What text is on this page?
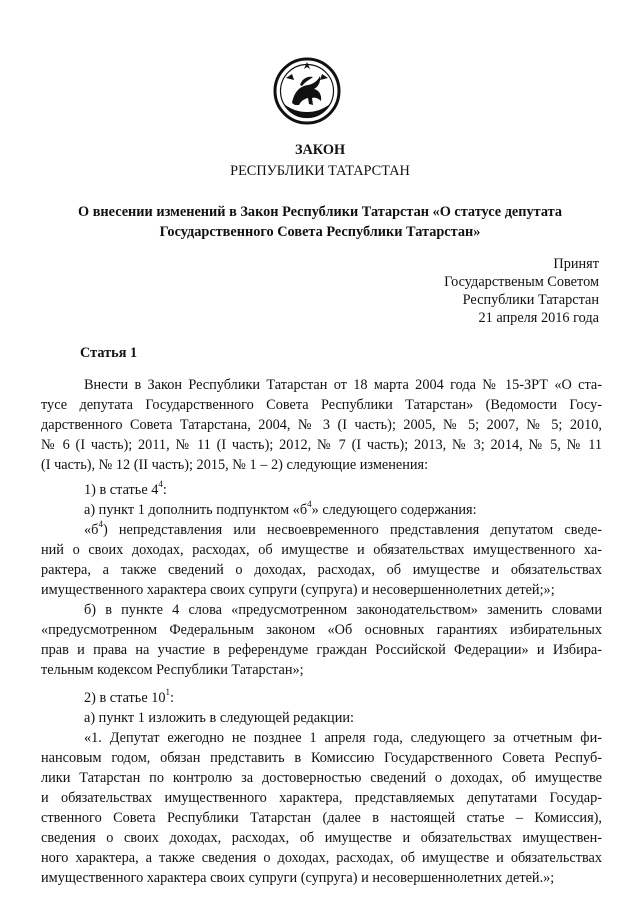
ЗАКОН

РЕСПУБЛИКИ ТАТАРСТАН

О внесении изменений в Закон Республики Татарстан «О статусе депутата

Государственного Совета Республики Татарстан»

Принят

Государственым Советом

Республики Татарстан

21 апреля 2016 года

Статья 1

Внести в Закон Республики Татарстан от 18 марта 2004 года № 15-ЗРТ «О ста-

тусе депутата Государственного Совета Республики Татарстан» (Ведомости Госу-

дарственного Совета Татарстана, 2004, № 3 (I часть); 2005, № 5; 2007, № 5; 2010,

№ 6 (I часть); 2011, № 11 (I часть); 2012, № 7 (I часть); 2013, № 3; 2014, № 5, № 11

(I часть), № 12 (II часть); 2015, № 1 – 2) следующие изменения:

1) в статье $4^4$:

а) пункт 1 дополнить подпунктом «$б^4$» следующего содержания:

«$б^4$) непредставления или несвоевременного представления депутатом сведе-

ний о своих доходах, расходах, об имуществе и обязательствах имущественного ха-

рактера, а также сведений о доходах, расходах, об имуществе и обязательствах

имущественного характера своих супруги (супруга) и несовершеннолетних детей;»;

б) в пункте 4 слова «предусмотренном законодательством» заменить словами

«предусмотренном Федеральным законом «Об основных гарантиях избирательных

прав и права на участие в референдуме граждан Российской Федерации» и Избира-

тельным кодексом Республики Татарстан»;

2) в статье $10^1$:

а) пункт 1 изложить в следующей редакции:

«1. Депутат ежегодно не позднее 1 апреля года, следующего за отчетным фи-

нансовым годом, обязан представить в Комиссию Государственного Совета Респуб-

лики Татарстан по контролю за достоверностью сведений о доходах, об имуществе

и обязательствах имущественного характера, представляемых депутатами Государ-

ственного Совета Республики Татарстан (далее в настоящей статье – Комиссия),

сведения о своих доходах, расходах, об имуществе и обязательствах имуществен-

ного характера, а также сведения о доходах, расходах, об имуществе и обязательствах

имущественного характера своих супруги (супруга) и несовершеннолетних детей.»;
